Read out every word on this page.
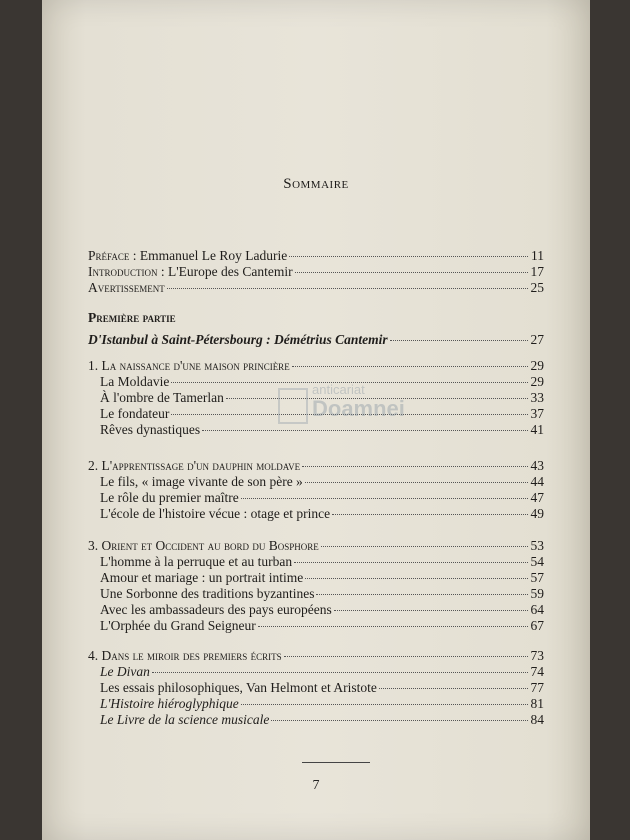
Sommaire
Préface : Emmanuel Le Roy Ladurie	11
Introduction : L'Europe des Cantemir	17
Avertissement	25
Première partie
D'Istanbul à Saint-Pétersbourg : Démétrius Cantemir	27
1. La naissance d'une maison princière	29
La Moldavie	29
À l'ombre de Tamerlan	33
Le fondateur	37
Rêves dynastiques	41
2. L'apprentissage d'un dauphin moldave	43
Le fils, « image vivante de son père »	44
Le rôle du premier maître	47
L'école de l'histoire vécue : otage et prince	49
3. Orient et Occident au bord du Bosphore	53
L'homme à la perruque et au turban	54
Amour et mariage : un portrait intime	57
Une Sorbonne des traditions byzantines	59
Avec les ambassadeurs des pays européens	64
L'Orphée du Grand Seigneur	67
4. Dans le miroir des premiers écrits	73
Le Divan	74
Les essais philosophiques, Van Helmont et Aristote	77
L'Histoire hiéroglyphique	81
Le Livre de la science musicale	84
anticariat
Doamnei
7
